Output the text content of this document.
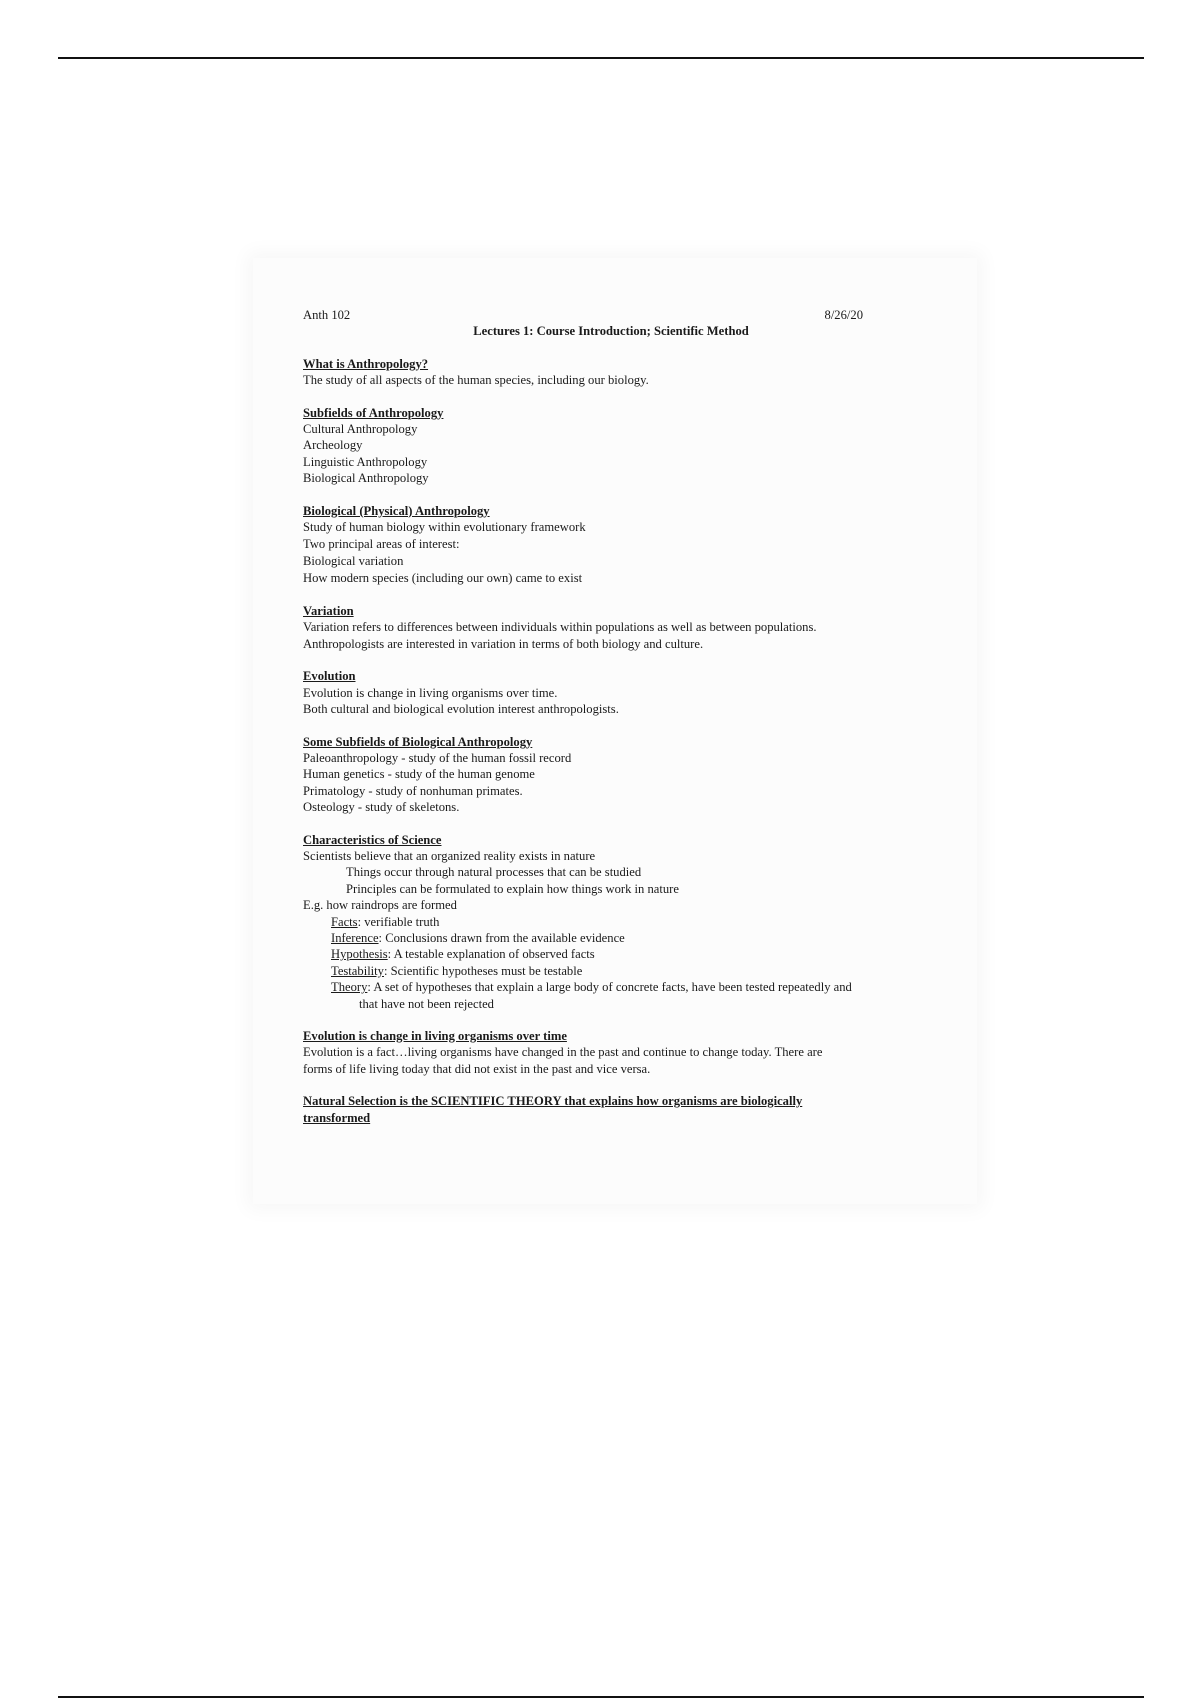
Anth 102	8/26/20
Lectures 1: Course Introduction; Scientific Method
What is Anthropology?
The study of all aspects of the human species, including our biology.
Subfields of Anthropology
Cultural Anthropology
Archeology
Linguistic Anthropology
Biological Anthropology
Biological (Physical) Anthropology
Study of human biology within evolutionary framework
Two principal areas of interest:
Biological variation
How modern species (including our own) came to exist
Variation
Variation refers to differences between individuals within populations as well as between populations.
Anthropologists are interested in variation in terms of both biology and culture.
Evolution
Evolution is change in living organisms over time.
Both cultural and biological evolution interest anthropologists.
Some Subfields of Biological Anthropology
Paleoanthropology - study of the human fossil record
Human genetics - study of the human genome
Primatology - study of nonhuman primates.
Osteology - study of skeletons.
Characteristics of Science
Scientists believe that an organized reality exists in nature
Things occur through natural processes that can be studied
Principles can be formulated to explain how things work in nature
E.g. how raindrops are formed
Facts: verifiable truth
Inference: Conclusions drawn from the available evidence
Hypothesis: A testable explanation of observed facts
Testability: Scientific hypotheses must be testable
Theory: A set of hypotheses that explain a large body of concrete facts, have been tested repeatedly and
that have not been rejected
Evolution is change in living organisms over time
Evolution is a fact…living organisms have changed in the past and continue to change today. There are
forms of life living today that did not exist in the past and vice versa.
Natural Selection is the SCIENTIFIC THEORY that explains how organisms are biologically
transformed
